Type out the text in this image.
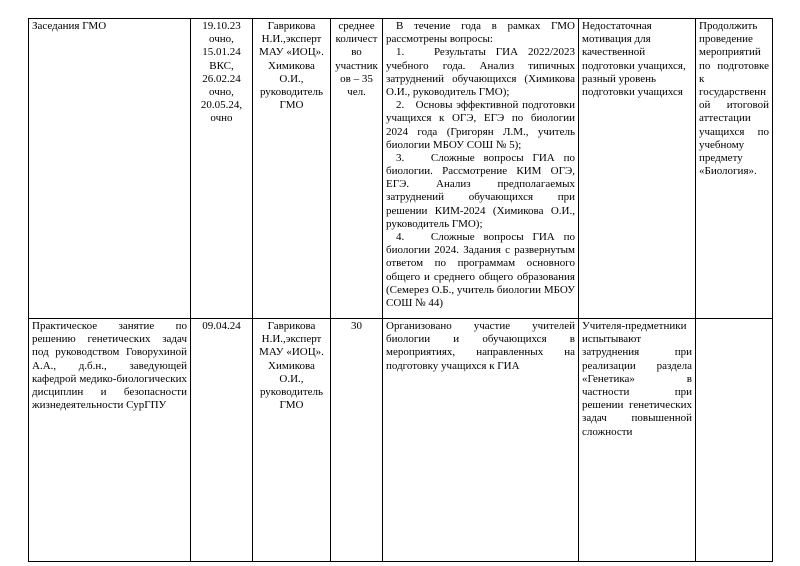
Заседания ГМО	19.10.23 очно, 15.01.24 ВКС, 26.02.24 очно, 20.05.24, очно	Гаврикова Н.И.,эксперт МАУ «ИОЦ». Химикова О.И., руководитель ГМО	среднее количество участников – 35 чел.	В течение года в рамках ГМО рассмотрены вопросы:

1.   Результаты ГИА 2022/2023 учебного года. Анализ типичных затруднений обучающихся (Химикова О.И., руководитель ГМО);

2.   Основы эффективной подготовки учащихся к ОГЭ, ЕГЭ по биологии 2024 года (Григорян Л.М., учитель биологии МБОУ СОШ № 5);

3.   Сложные вопросы ГИА по биологии. Рассмотрение КИМ ОГЭ, ЕГЭ. Анализ предполагаемых затруднений обучающихся при решении КИМ-2024 (Химикова О.И., руководитель ГМО);

4.   Сложные вопросы ГИА по биологии 2024. Задания с развернутым ответом по программам основного общего и среднего общего образования (Семерез О.Б., учитель биологии МБОУ СОШ № 44)	Недостаточная мотивация для качественной подготовки учащихся, разный уровень подготовки учащихся	Продолжить проведение мероприятий по подготовке к государственной итоговой аттестации учащихся по учебному предмету «Биология».

Практическое занятие по решению генетических задач под руководством Говорухиной А.А., д.б.н., заведующей кафедрой медико-биологических дисциплин и безопасности жизнедеятельности СурГПУ	09.04.24	Гаврикова Н.И.,эксперт МАУ «ИОЦ». Химикова О.И., руководитель ГМО	30	Организовано участие учителей биологии и обучающихся в мероприятиях, направленных на подготовку учащихся к ГИА	Учителя-предметники испытывают затруднения при реализации раздела «Генетика» в частности при решении генетических задач повышенной сложности	
